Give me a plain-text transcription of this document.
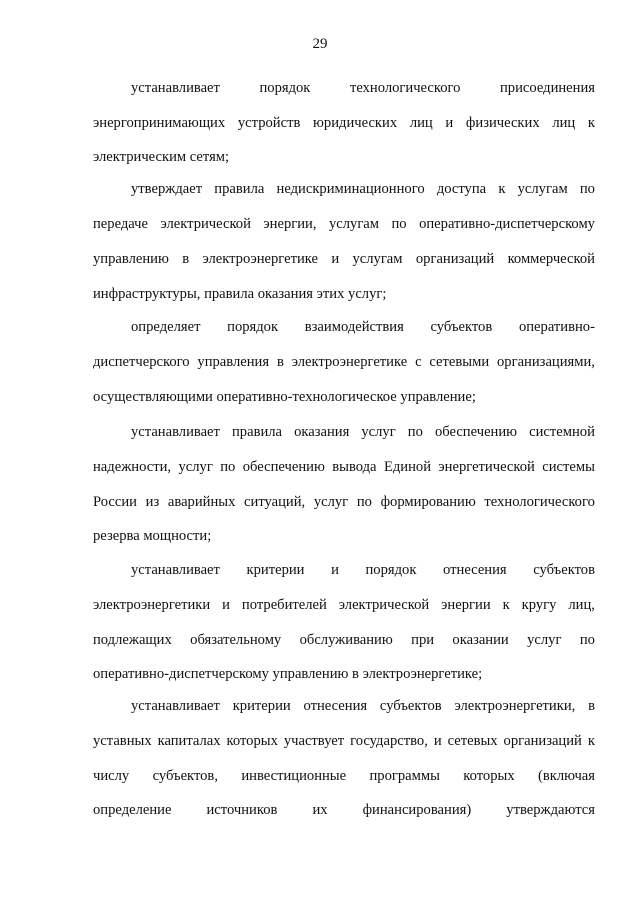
29
устанавливает	порядок	технологического	присоединения
энергопринимающих устройств юридических лиц и физических лиц к
электрическим сетям;
утверждает правила недискриминационного доступа к услугам по
передаче электрической энергии, услугам по оперативно-диспетчерскому
управлению в электроэнергетике и услугам организаций коммерческой
инфраструктуры, правила оказания этих услуг;
определяет порядок взаимодействия субъектов оперативно-
диспетчерского управления в электроэнергетике с сетевыми организациями,
осуществляющими оперативно-технологическое управление;
устанавливает правила оказания услуг по обеспечению системной
надежности, услуг по обеспечению вывода Единой энергетической системы
России из аварийных ситуаций, услуг по формированию технологического
резерва мощности;
устанавливает критерии и порядок отнесения субъектов
электроэнергетики и потребителей электрической энергии к кругу лиц,
подлежащих обязательному обслуживанию при оказании услуг по
оперативно-диспетчерскому управлению в электроэнергетике;
устанавливает критерии отнесения субъектов электроэнергетики, в
уставных капиталах которых участвует государство, и сетевых организаций к
числу субъектов, инвестиционные программы которых (включая
определение источников их финансирования) утверждаются
